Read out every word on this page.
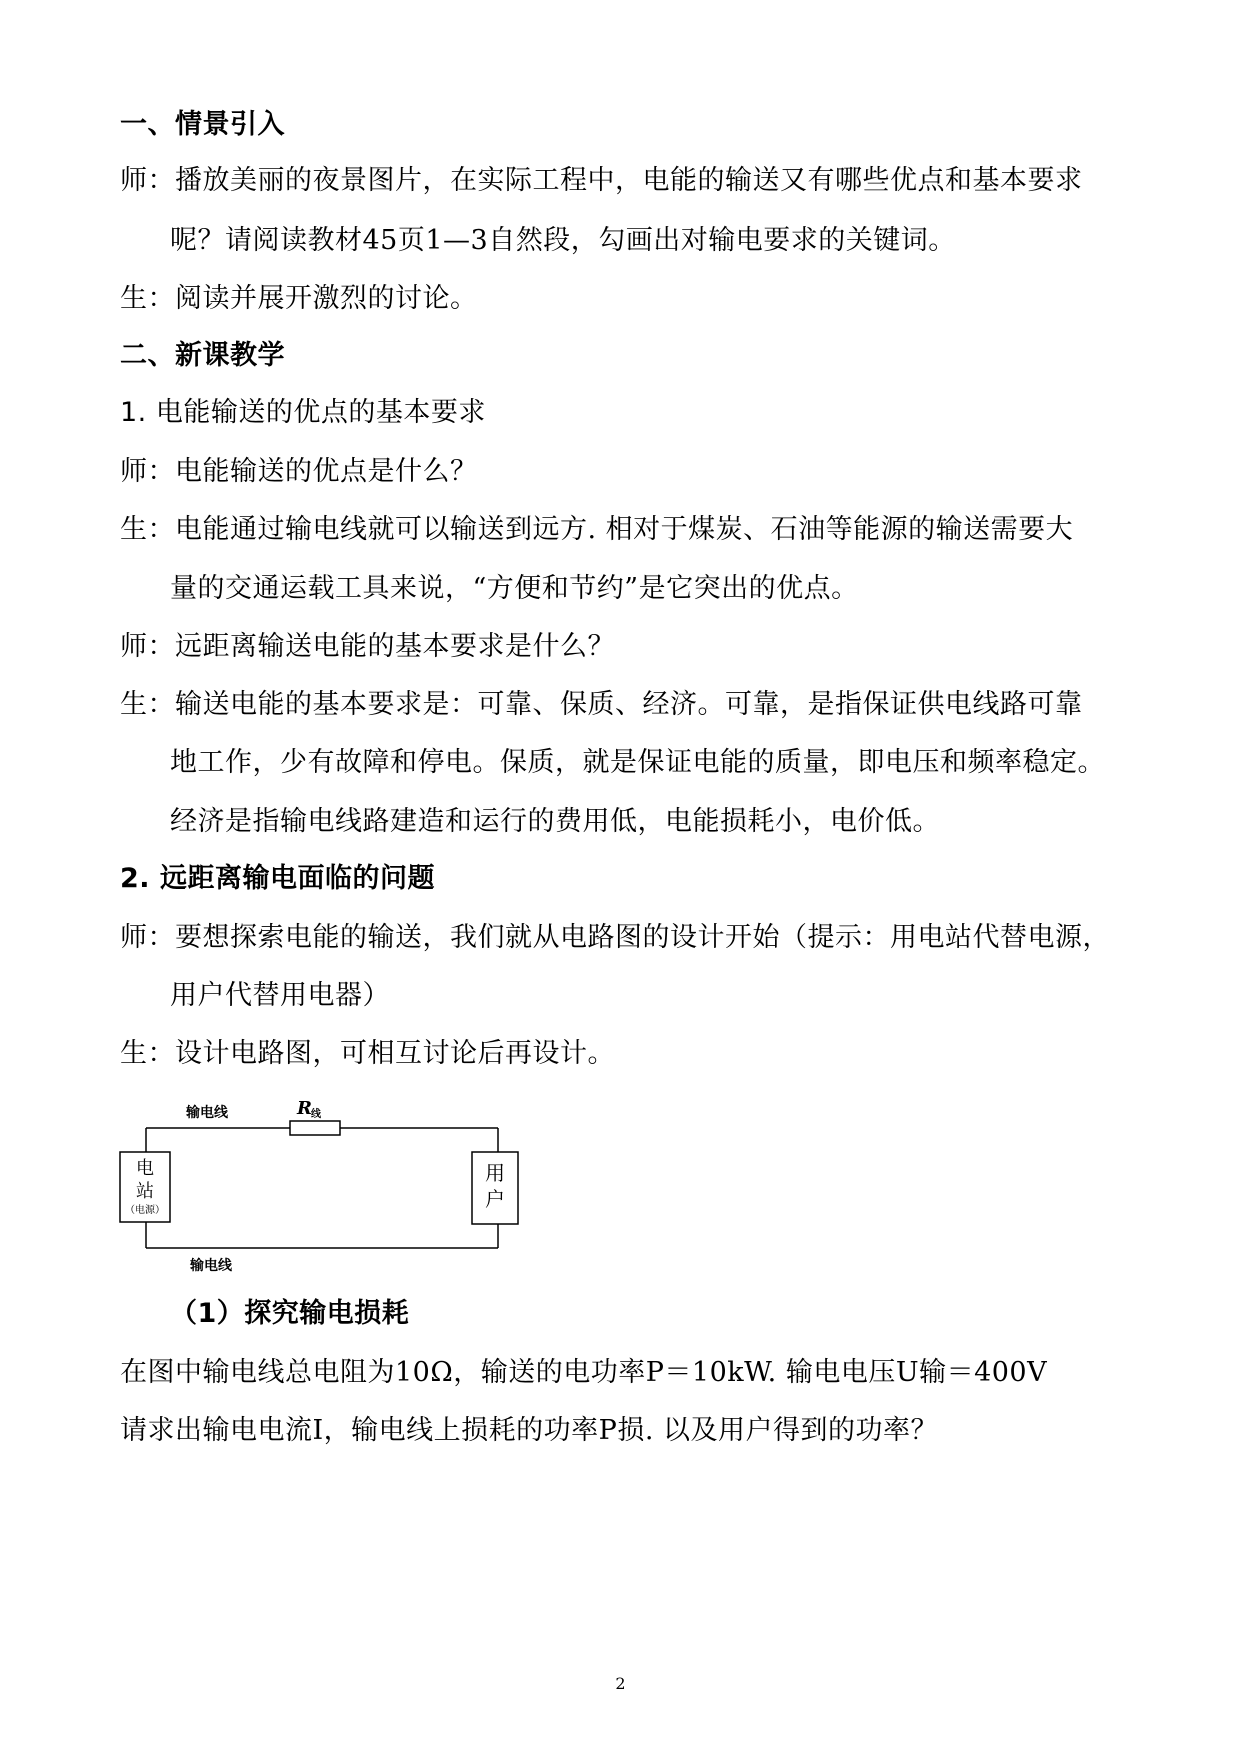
一、情景引入
师：播放美丽的夜景图片，在实际工程中，电能的输送又有哪些优点和基本要求
呢？请阅读教材45页1—3自然段，勾画出对输电要求的关键词。
生：阅读并展开激烈的讨论。
二、新课教学
1. 电能输送的优点的基本要求
师：电能输送的优点是什么？
生：电能通过输电线就可以输送到远方. 相对于煤炭、石油等能源的输送需要大
量的交通运载工具来说，“方便和节约”是它突出的优点。
师：远距离输送电能的基本要求是什么？
生：输送电能的基本要求是：可靠、保质、经济。可靠，是指保证供电线路可靠
地工作，少有故障和停电。保质，就是保证电能的质量，即电压和频率稳定。
经济是指输电线路建造和运行的费用低，电能损耗小，电价低。
2. 远距离输电面临的问题
师：要想探索电能的输送，我们就从电路图的设计开始（提示：用电站代替电源，
用户代替用电器）
生：设计电路图，可相互讨论后再设计。
电
站
（电源）
用
户
输电线	R 线
输电线
（1）探究输电损耗
在图中输电线总电阻为10Ω，输送的电功率P＝10kW. 输电电压U输＝400V
请求出输电电流I，输电线上损耗的功率P损. 以及用户得到的功率？
2
